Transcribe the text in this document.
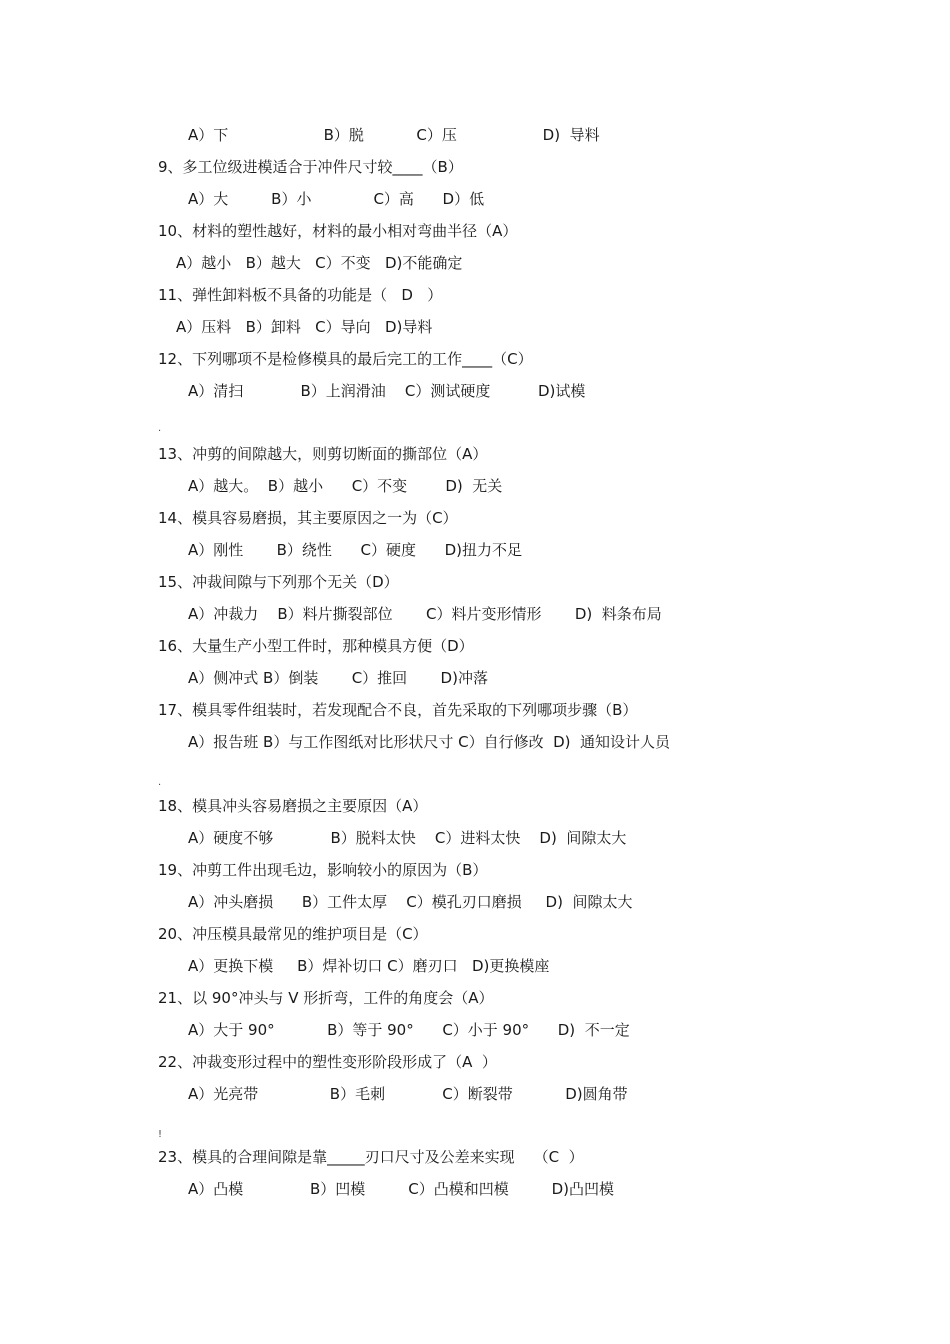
A）下                    B）脱           C）压                  D)  导料
9、多工位级进模适合于冲件尺寸较____（B）
A）大         B）小             C）高      D）低
10、材料的塑性越好，材料的最小相对弯曲半径（A）
A）越小   B）越大   C）不变   D)不能确定
11、弹性卸料板不具备的功能是（   D   ）
A）压料   B）卸料   C）导向   D)导料
12、下列哪项不是检修模具的最后完工的工作____（C）
A）清扫            B）上润滑油    C）测试硬度          D)试模
.
13、冲剪的间隙越大，则剪切断面的撕部位（A）
A）越大。  B）越小      C）不变        D)  无关
14、模具容易磨损，其主要原因之一为（C）
A）刚性       B）绕性      C）硬度      D)扭力不足
15、冲裁间隙与下列那个无关（D）
A）冲裁力    B）料片撕裂部位       C）料片变形情形       D)  料条布局
16、大量生产小型工件时，那种模具方便（D）
A）侧冲式 B）倒装       C）推回       D)冲落
17、模具零件组装时，若发现配合不良，首先采取的下列哪项步骤（B）
A）报告班 B）与工作图纸对比形状尺寸 C）自行修改  D)  通知设计人员
.
18、模具冲头容易磨损之主要原因（A）
A）硬度不够            B）脱料太快    C）进料太快    D)  间隙太大
19、冲剪工件出现毛边，影响较小的原因为（B）
A）冲头磨损      B）工件太厚    C）模孔刃口磨损     D)  间隙太大
20、冲压模具最常见的维护项目是（C）
A）更换下模     B）焊补切口 C）磨刃口   D)更换模座
21、以 90°冲头与 V 形折弯，工件的角度会（A）
A）大于 90°           B）等于 90°      C）小于 90°      D)  不一定
22、冲裁变形过程中的塑性变形阶段形成了（A  ）
A）光亮带               B）毛刺            C）断裂带           D)圆角带
!
23、模具的合理间隙是靠_____刃口尺寸及公差来实现    （C  ）
A）凸模              B）凹模         C）凸模和凹模         D)凸凹模
